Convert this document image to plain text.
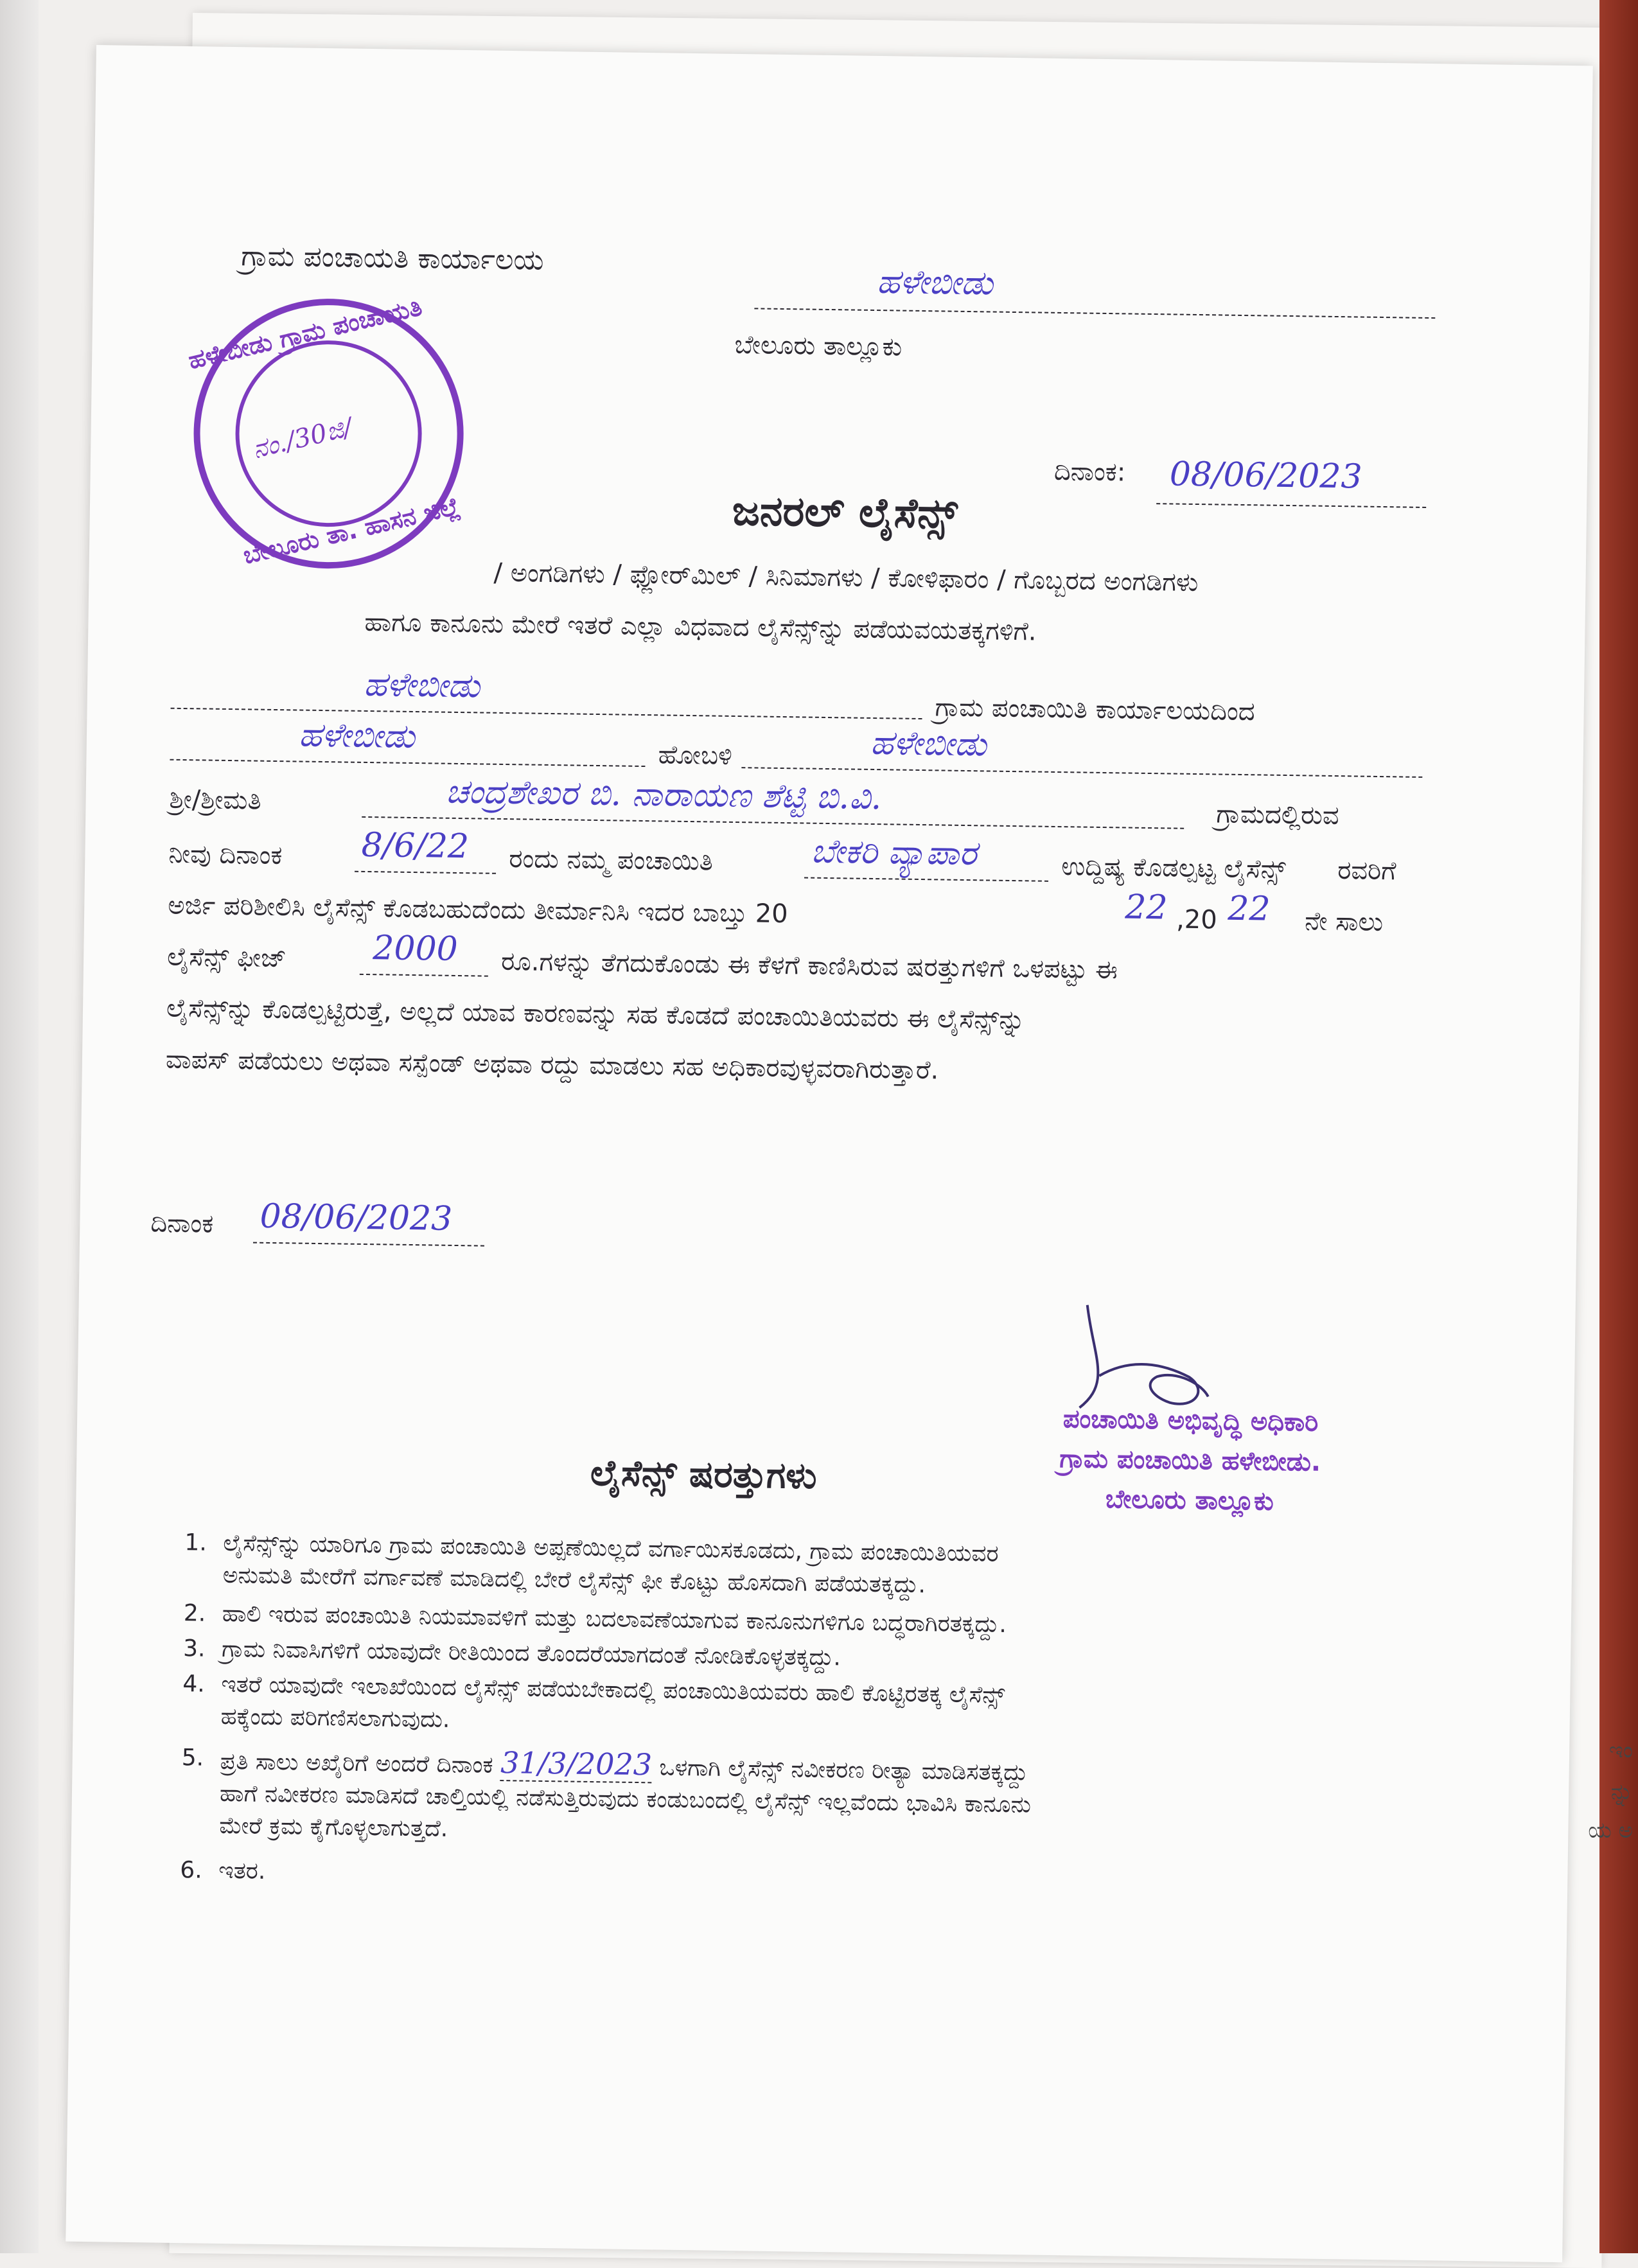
ಇಂ
ನ್ನು
ಯ ಅ
ಗ್ರಾಮ ಪಂಚಾಯತಿ ಕಾರ್ಯಾಲಯ
ಹಳೇಬೀಡು
ಬೇಲೂರು ತಾಲ್ಲೂಕು
ಹಳೇಬೀಡು ಗ್ರಾಮ ಪಂಚಾಯತಿ
ನಂ./30ಜಿ/
ಬೇಲೂರು ತಾ. ಹಾಸನ ಜಿಲ್ಲೆ
ದಿನಾಂಕ: 08/06/2023
ಜನರಲ್ ಲೈಸೆನ್ಸ್
/ ಅಂಗಡಿಗಳು / ಫ್ಲೋರ್‌ಮಿಲ್ / ಸಿನಿಮಾಗಳು / ಕೋಳಿಫಾರಂ / ಗೊಬ್ಬರದ ಅಂಗಡಿಗಳು
ಹಾಗೂ ಕಾನೂನು ಮೇರೆ ಇತರೆ ಎಲ್ಲಾ ವಿಧವಾದ ಲೈಸೆನ್ಸ್‌ನ್ನು ಪಡೆಯವಯತಕ್ಕಗಳಿಗೆ.
ಹಳೇಬೀಡು
ಗ್ರಾಮ ಪಂಚಾಯಿತಿ ಕಾರ್ಯಾಲಯದಿಂದ
ಹಳೇಬೀಡು	ಹೋಬಳಿ	ಹಳೇಬೀಡು
ಶ್ರೀ/ಶ್ರೀಮತಿ	ಚಂದ್ರಶೇಖರ ಬಿ. ನಾರಾಯಣ ಶೆಟ್ಟಿ ಬಿ.ವಿ.	ಗ್ರಾಮದಲ್ಲಿರುವ
ನೀವು ದಿನಾಂಕ 8/6/22 ರಂದು ನಮ್ಮ ಪಂಚಾಯಿತಿ	ಬೇಕರಿ ವ್ಯಾಪಾರ	ಉದ್ದಿಷ್ಯ ಕೊಡಲ್ಪಟ್ಟ ಲೈಸೆನ್ಸ್ ರವರಿಗೆ
ಅರ್ಜಿ ಪರಿಶೀಲಿಸಿ ಲೈಸೆನ್ಸ್ ಕೊಡಬಹುದೆಂದು ತೀರ್ಮಾನಿಸಿ ಇದರ ಬಾಬ್ತು 20	22 ,20 22 ನೇ ಸಾಲು
ಲೈಸೆನ್ಸ್ ಫೀಜ್	2000 ರೂ.ಗಳನ್ನು ತೆಗದುಕೊಂಡು ಈ ಕೆಳಗೆ ಕಾಣಿಸಿರುವ ಷರತ್ತುಗಳಿಗೆ ಒಳಪಟ್ಟು ಈ
ಲೈಸೆನ್ಸ್‌ನ್ನು ಕೊಡಲ್ಪಟ್ಟಿರುತ್ತೆ, ಅಲ್ಲದೆ ಯಾವ ಕಾರಣವನ್ನು ಸಹ ಕೊಡದೆ ಪಂಚಾಯಿತಿಯವರು ಈ ಲೈಸೆನ್ಸ್‌ನ್ನು
ವಾಪಸ್ ಪಡೆಯಲು ಅಥವಾ ಸಸ್ಪೆಂಡ್ ಅಥವಾ ರದ್ದು ಮಾಡಲು ಸಹ ಅಧಿಕಾರವುಳ್ಳವರಾಗಿರುತ್ತಾರೆ.
ದಿನಾಂಕ 08/06/2023
ಪಂಚಾಯಿತಿ ಅಭಿವೃದ್ಧಿ ಅಧಿಕಾರಿ
ಗ್ರಾಮ ಪಂಚಾಯಿತಿ ಹಳೇಬೀಡು.
ಬೇಲೂರು ತಾಲ್ಲೂಕು
ಲೈಸೆನ್ಸ್ ಷರತ್ತುಗಳು
1. ಲೈಸೆನ್ಸ್‌ನ್ನು ಯಾರಿಗೂ ಗ್ರಾಮ ಪಂಚಾಯಿತಿ ಅಪ್ಪಣೆಯಿಲ್ಲದೆ ವರ್ಗಾಯಿಸಕೂಡದು, ಗ್ರಾಮ ಪಂಚಾಯಿತಿಯವರ
ಅನುಮತಿ ಮೇರೆಗೆ ವರ್ಗಾವಣೆ ಮಾಡಿದಲ್ಲಿ ಬೇರೆ ಲೈಸೆನ್ಸ್ ಫೀ ಕೊಟ್ಟು ಹೊಸದಾಗಿ ಪಡೆಯತಕ್ಕದ್ದು.
2. ಹಾಲಿ ಇರುವ ಪಂಚಾಯಿತಿ ನಿಯಮಾವಳಿಗೆ ಮತ್ತು ಬದಲಾವಣೆಯಾಗುವ ಕಾನೂನುಗಳಿಗೂ ಬದ್ಧರಾಗಿರತಕ್ಕದ್ದು.
3. ಗ್ರಾಮ ನಿವಾಸಿಗಳಿಗೆ ಯಾವುದೇ ರೀತಿಯಿಂದ ತೊಂದರೆಯಾಗದಂತೆ ನೋಡಿಕೊಳ್ಳತಕ್ಕದ್ದು.
4. ಇತರೆ ಯಾವುದೇ ಇಲಾಖೆಯಿಂದ ಲೈಸೆನ್ಸ್ ಪಡೆಯಬೇಕಾದಲ್ಲಿ ಪಂಚಾಯಿತಿಯವರು ಹಾಲಿ ಕೊಟ್ಟಿರತಕ್ಕ ಲೈಸೆನ್ಸ್
ಹಕ್ಕೆಂದು ಪರಿಗಣಿಸಲಾಗುವುದು.
5. ಪ್ರತಿ ಸಾಲು ಅಖೈರಿಗೆ ಅಂದರೆ ದಿನಾಂಕ 31/3/2023 ಒಳಗಾಗಿ ಲೈಸೆನ್ಸ್ ನವೀಕರಣ ರೀತ್ಯಾ ಮಾಡಿಸತಕ್ಕದ್ದು
ಹಾಗೆ ನವೀಕರಣ ಮಾಡಿಸದೆ ಚಾಲ್ತಿಯಲ್ಲಿ ನಡೆಸುತ್ತಿರುವುದು ಕಂಡುಬಂದಲ್ಲಿ ಲೈಸೆನ್ಸ್ ಇಲ್ಲವೆಂದು ಭಾವಿಸಿ ಕಾನೂನು
ಮೇರೆ ಕ್ರಮ ಕೈಗೊಳ್ಳಲಾಗುತ್ತದೆ.
6. ಇತರ.
